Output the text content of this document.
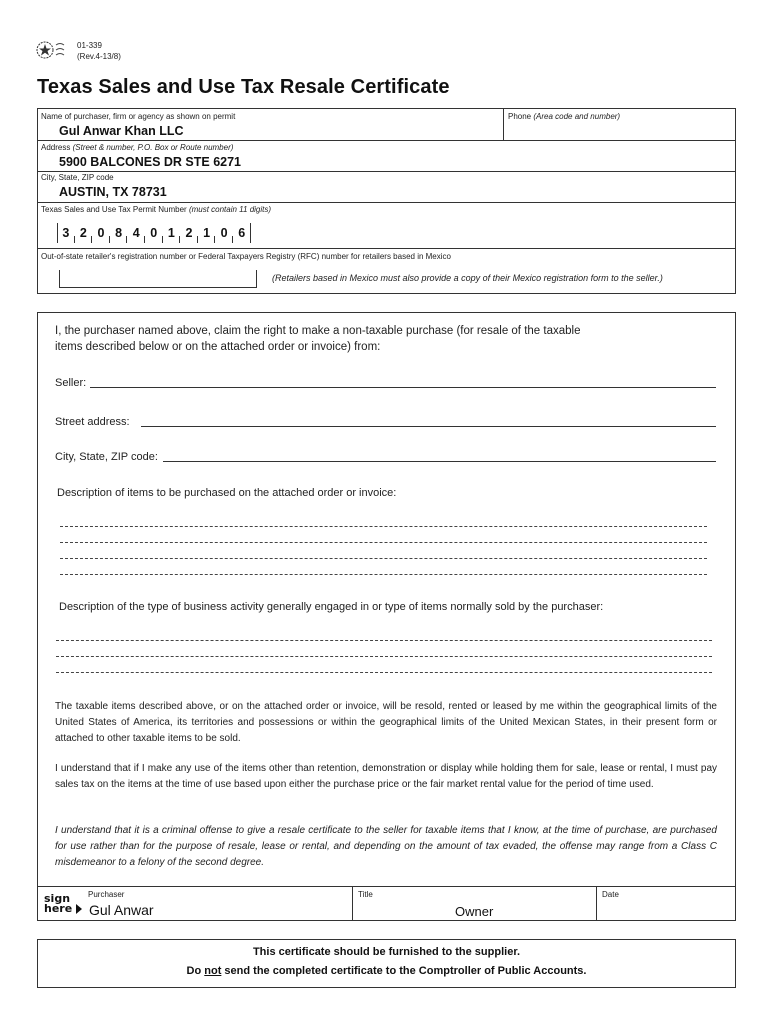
01-339
(Rev.4-13/8)
Texas Sales and Use Tax Resale Certificate
Name of purchaser, firm or agency as shown on permit
Gul Anwar Khan LLC
Phone (Area code and number)
Address (Street & number, P.O. Box or Route number)
5900 BALCONES DR STE 6271
City, State, ZIP code
AUSTIN, TX 78731
Texas Sales and Use Tax Permit Number (must contain 11 digits)
3 2 0 8 4 0 1 2 1 0 6
Out-of-state retailer's registration number or Federal Taxpayers Registry (RFC) number for retailers based in Mexico
(Retailers based in Mexico must also provide a copy of their Mexico registration form to the seller.)
I, the purchaser named above, claim the right to make a non-taxable purchase (for resale of the taxable
items described below or on the attached order or invoice) from:
Seller:
Street address:
City, State, ZIP code:
Description of items to be purchased on the attached order or invoice:
Description of the type of business activity generally engaged in or type of items normally sold by the purchaser:
The taxable items described above, or on the attached order or invoice, will be resold, rented or leased by me within the geographical limits of the United States of America, its territories and possessions or within the geographical limits of the United Mexican States, in their present form or attached to other taxable items to be sold.
I understand that if I make any use of the items other than retention, demonstration or display while holding them for sale, lease or rental, I must pay sales tax on the items at the time of use based upon either the purchase price or the fair market rental value for the period of time used.
I understand that it is a criminal offense to give a resale certificate to the seller for taxable items that I know, at the time of purchase, are purchased for use rather than for the purpose of resale, lease or rental, and depending on the amount of tax evaded, the offense may range from a Class C misdemeanor to a felony of the second degree.
sign
here
Purchaser
Gul Anwar
Title
Owner
Date
This certificate should be furnished to the supplier.
Do not send the completed certificate to the Comptroller of Public Accounts.
